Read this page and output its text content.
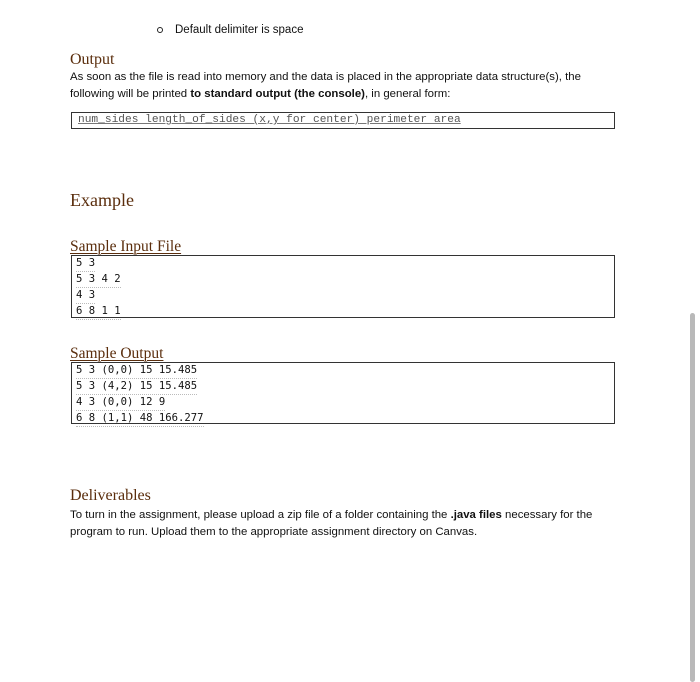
Default delimiter is space
Output
As soon as the file is read into memory and the data is placed in the appropriate data structure(s), the following will be printed to standard output (the console), in general form:
num_sides length_of_sides (x,y for center) perimeter area
Example
Sample Input File
5 3
5 3 4 2
4 3
6 8 1 1
Sample Output
5 3 (0,0) 15 15.485
5 3 (4,2) 15 15.485
4 3 (0,0) 12 9
6 8 (1,1) 48 166.277
Deliverables
To turn in the assignment, please upload a zip file of a folder containing the .java files necessary for the program to run. Upload them to the appropriate assignment directory on Canvas.
